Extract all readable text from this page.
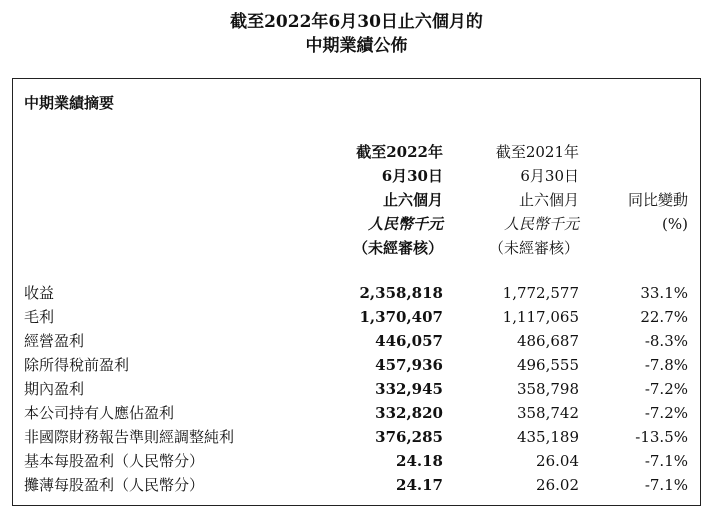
截至2022年6月30日止六個月的
中期業績公佈
中期業績摘要
截至2022年
6月30日
止六個月
人民幣千元
（未經審核）
截至2021年
6月30日
止六個月
人民幣千元
（未經審核）
同比變動
(%)
收益	2,358,818	1,772,577	33.1%
毛利	1,370,407	1,117,065	22.7%
經營盈利	446,057	486,687	-8.3%
除所得稅前盈利	457,936	496,555	-7.8%
期內盈利	332,945	358,798	-7.2%
本公司持有人應佔盈利	332,820	358,742	-7.2%
非國際財務報告準則經調整純利	376,285	435,189	-13.5%
基本每股盈利（人民幣分）	24.18	26.04	-7.1%
攤薄每股盈利（人民幣分）	24.17	26.02	-7.1%
